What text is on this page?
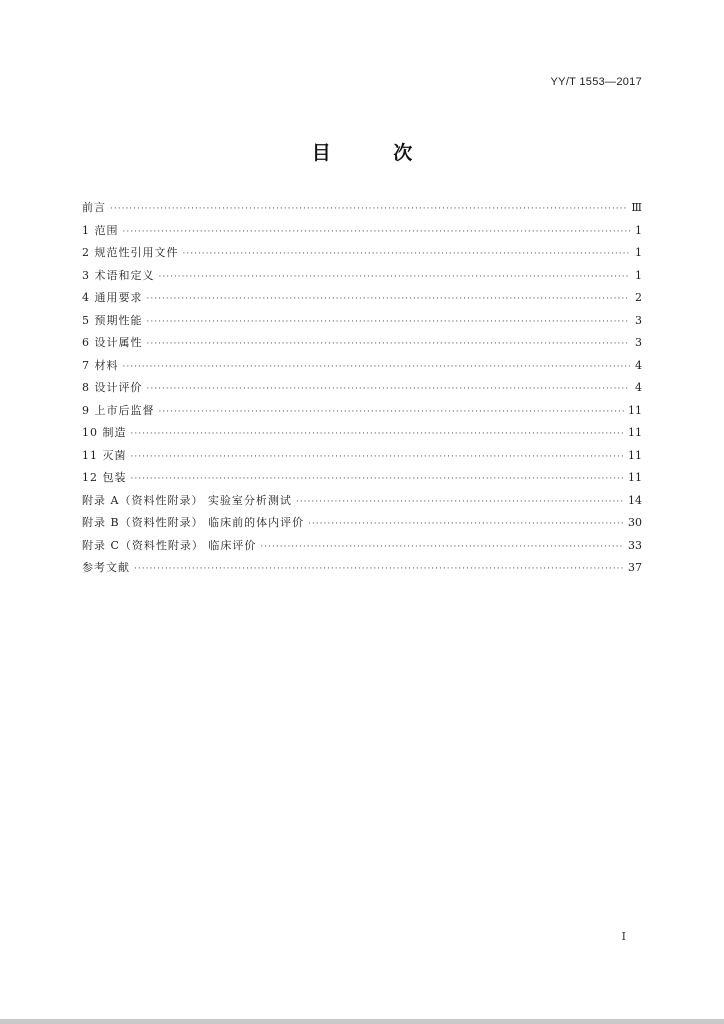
YY/T 1553—2017
目 次
前言 ·····	Ⅲ
1 范围 ·····	1
2 规范性引用文件 ·····	1
3 术语和定义 ·····	1
4 通用要求 ·····	2
5 预期性能 ·····	3
6 设计属性 ·····	3
7 材料 ·····	4
8 设计评价 ·····	4
9 上市后监督 ·····	11
10 制造 ·····	11
11 灭菌 ·····	11
12 包装 ·····	11
附录 A（资料性附录） 实验室分析测试 ·····	14
附录 B（资料性附录） 临床前的体内评价 ·····	30
附录 C（资料性附录） 临床评价 ·····	33
参考文献 ·····	37
I
